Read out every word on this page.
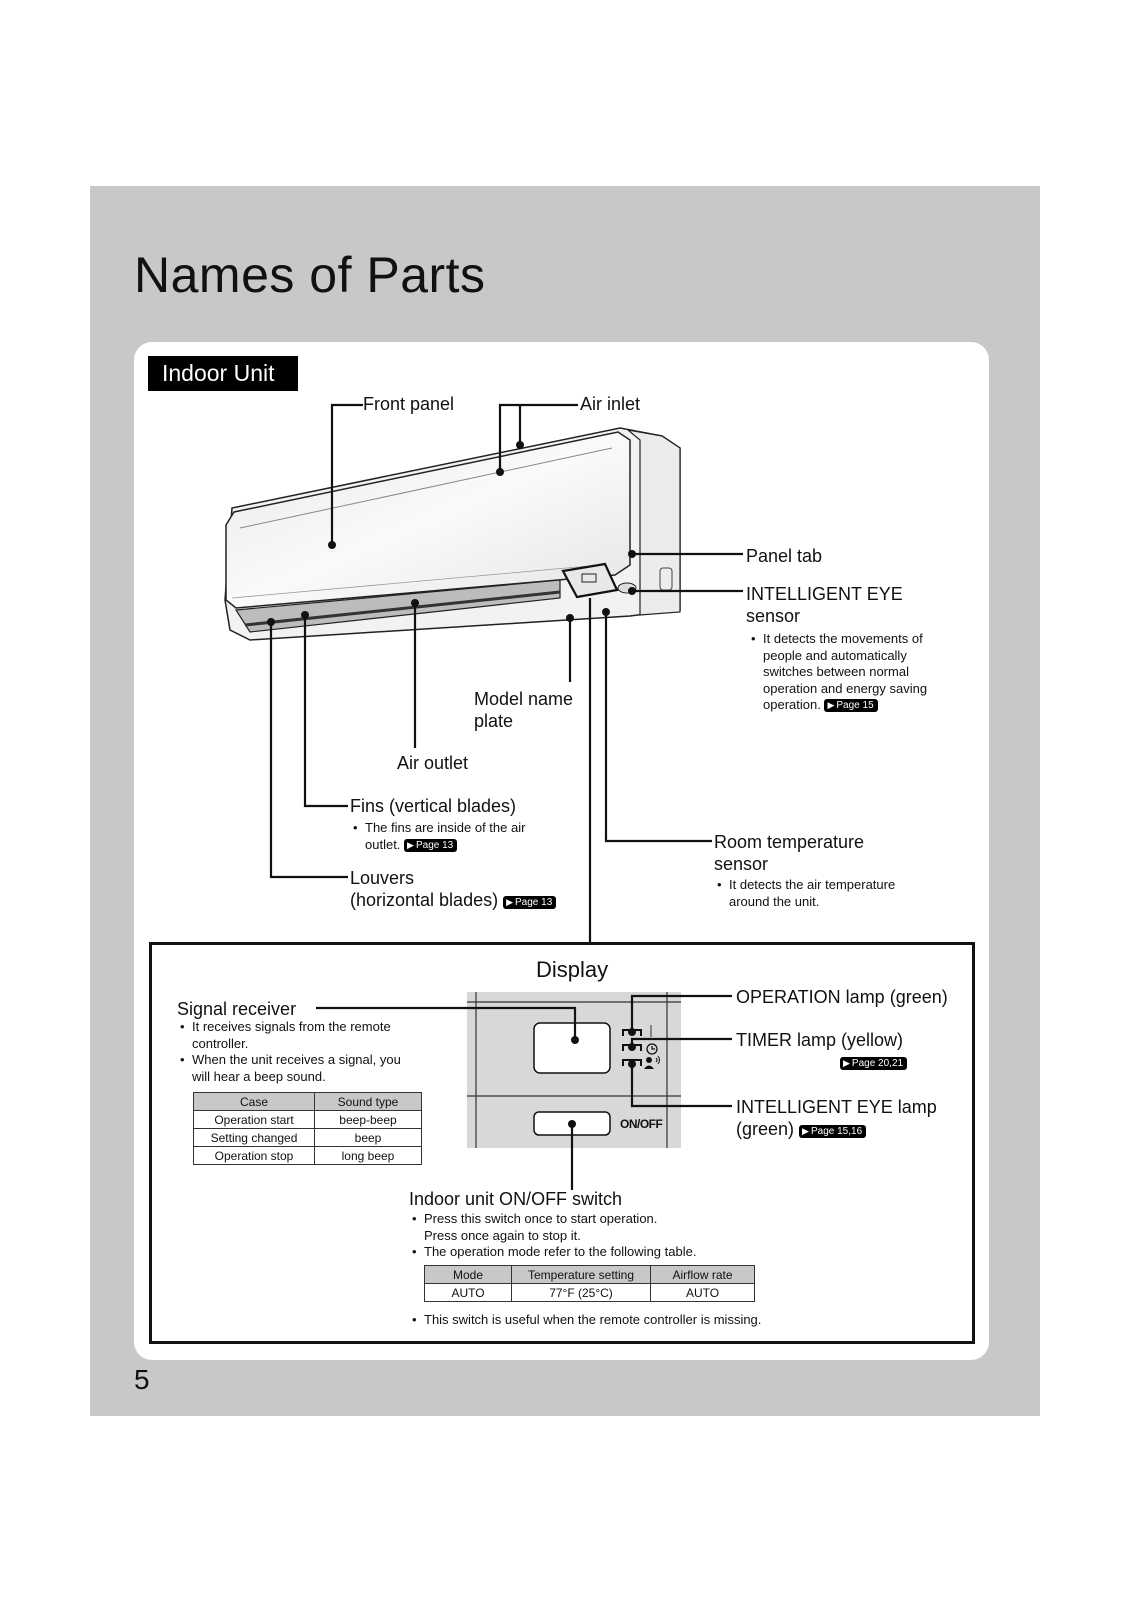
Names of Parts
Indoor Unit
Front panel	Air inlet
Panel tab
INTELLIGENT EYE
sensor
• It detects the movements of
people and automatically
switches between normal
operation and energy saving
operation. ▶ Page 15
Model name
plate
Air outlet
Fins (vertical blades)
• The fins are inside of the air
outlet. ▶ Page 13
Louvers
(horizontal blades) ▶ Page 13
Room temperature
sensor
• It detects the air temperature
around the unit.
Display
ON/OFF
Signal receiver
• It receives signals from the remote
controller.
• When the unit receives a signal, you
will hear a beep sound.
Case	Sound type
Operation start	beep-beep
Setting changed	beep
Operation stop	long beep
OPERATION lamp (green)
TIMER lamp (yellow)
▶ Page 20,21
INTELLIGENT EYE lamp
(green) ▶ Page 15,16
Indoor unit ON/OFF switch
• Press this switch once to start operation.
Press once again to stop it.
• The operation mode refer to the following table.
Mode	Temperature setting	Airflow rate
AUTO	77°F (25°C)	AUTO
• This switch is useful when the remote controller is missing.
5
